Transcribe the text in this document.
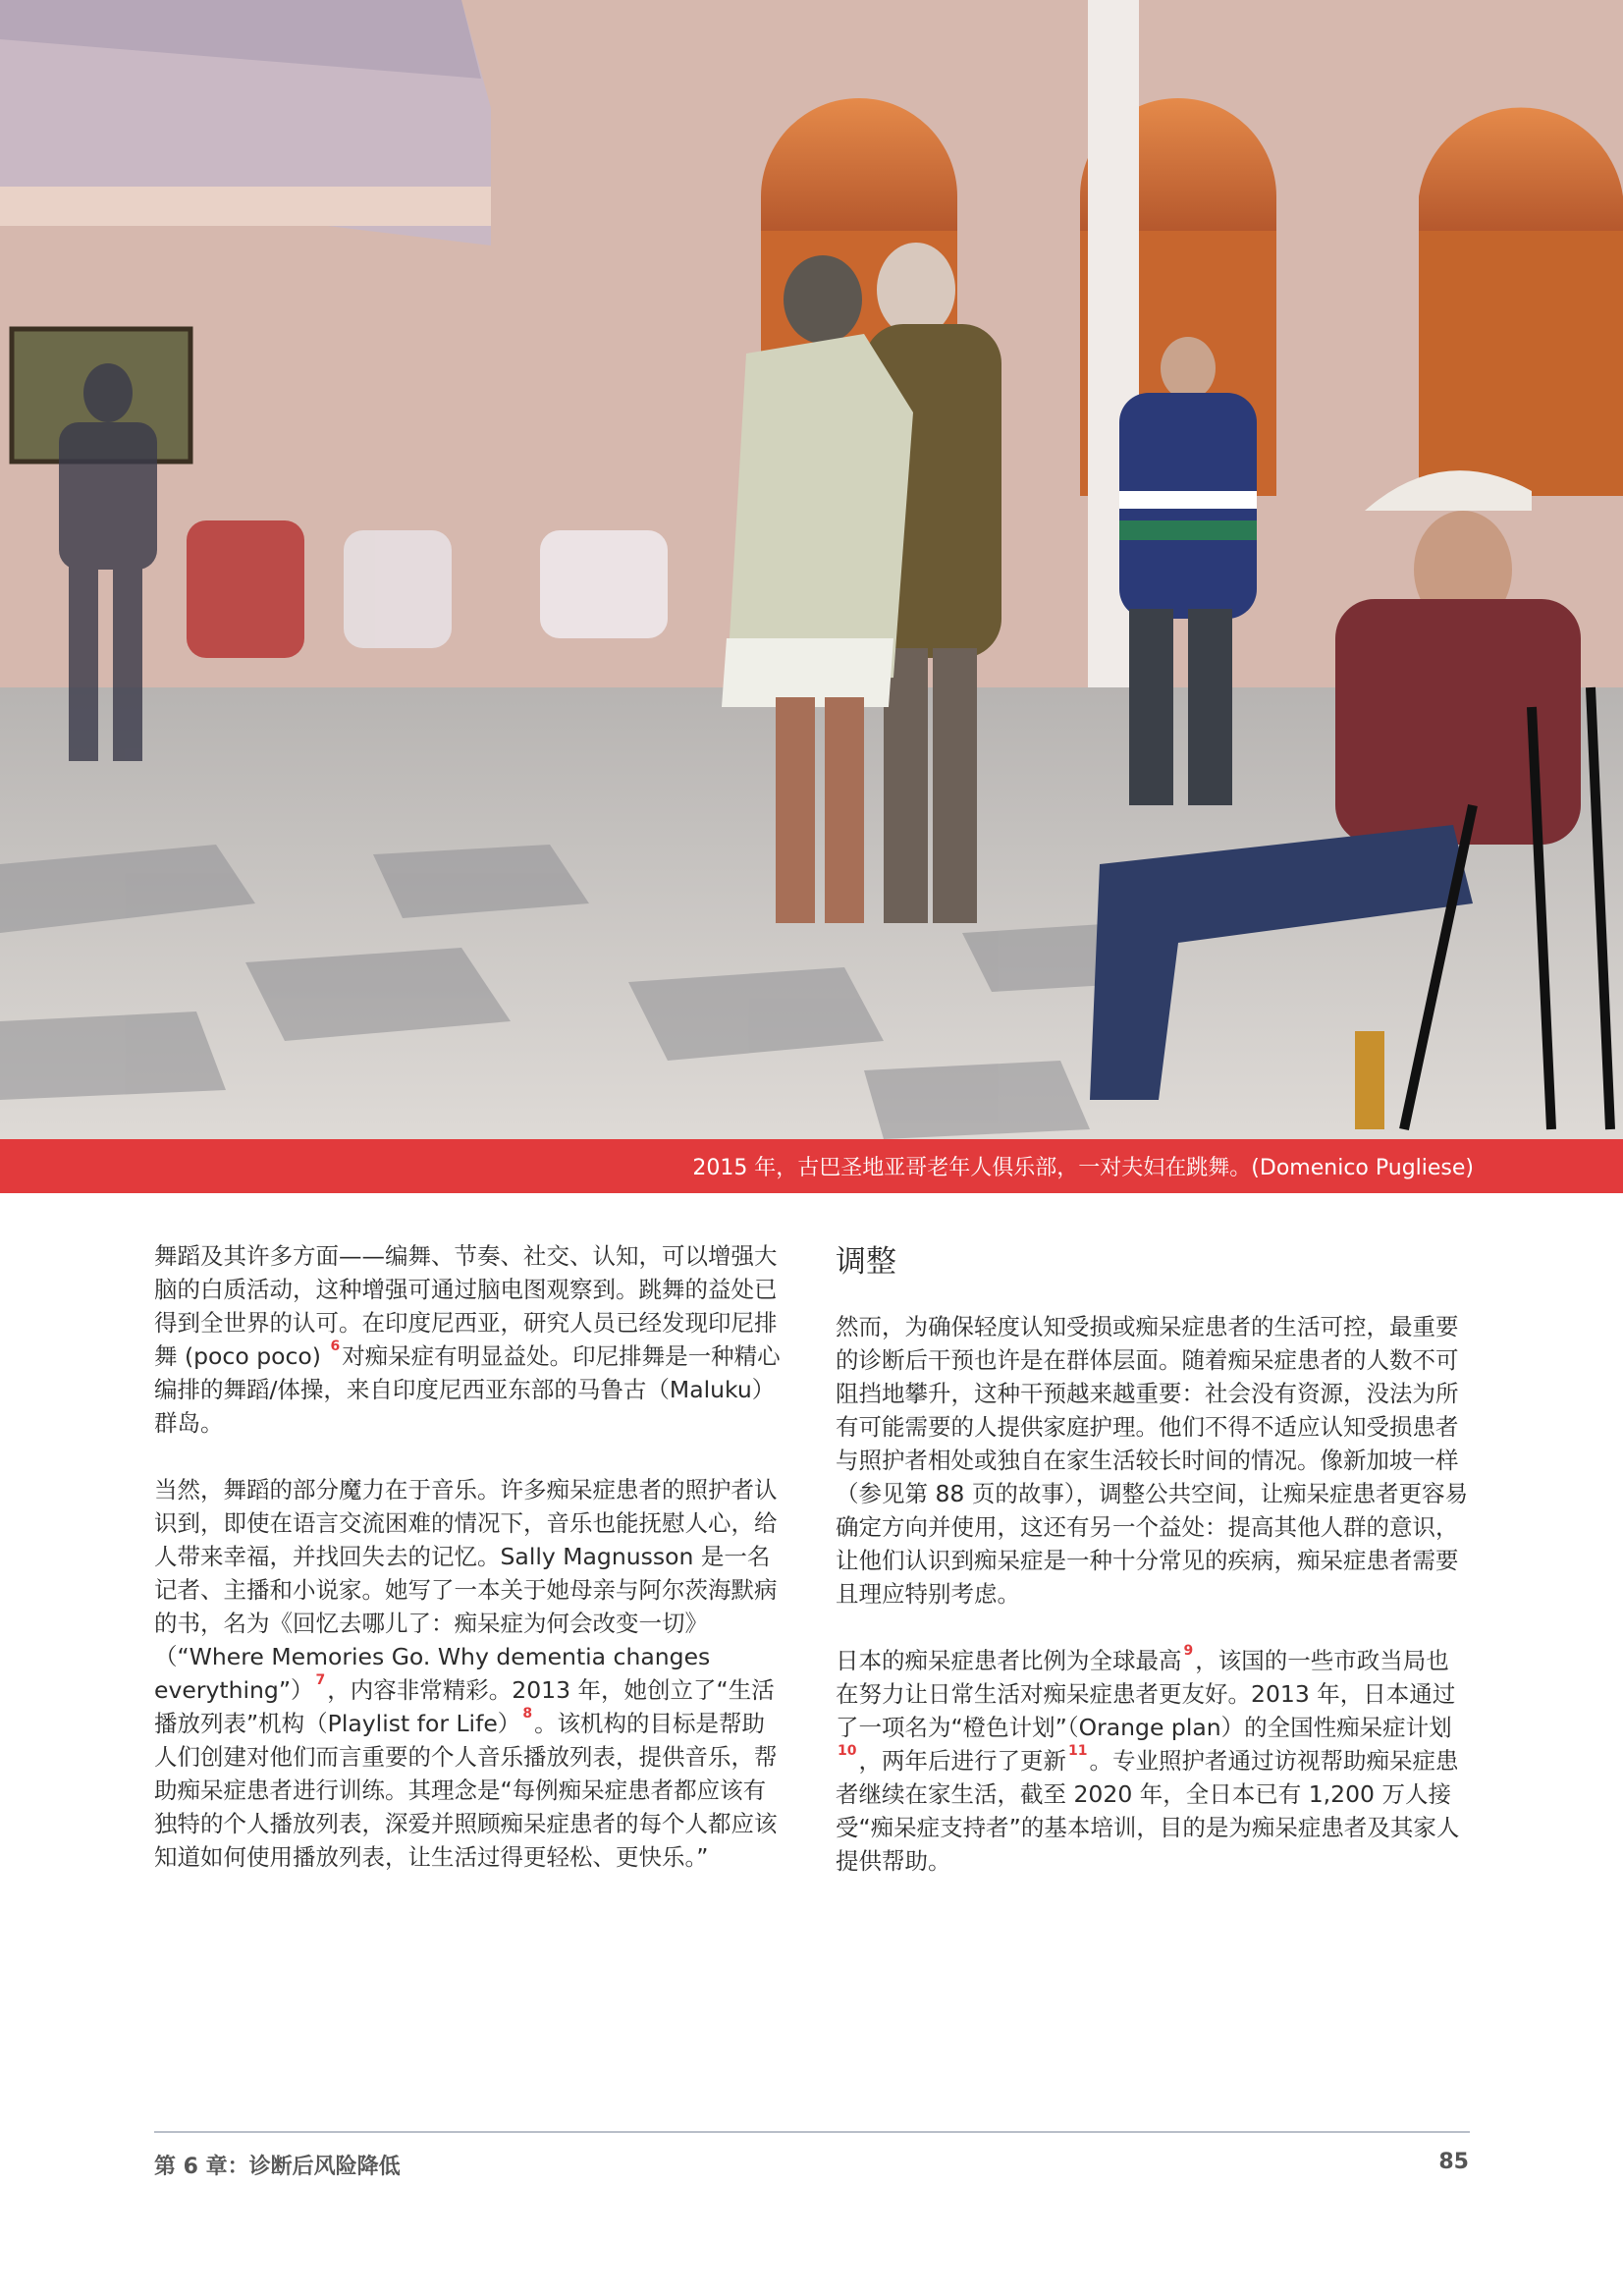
2015 年，古巴圣地亚哥老年人俱乐部，一对夫妇在跳舞。(Domenico Pugliese)

舞蹈及其许多方面——编舞、节奏、社交、认知，可以增强大脑的白质活动，这种增强可通过脑电图观察到。跳舞的益处已得到全世界的认可。在印度尼西亚，研究人员已经发现印尼排舞 (poco poco) $^6$对痴呆症有明显益处。印尼排舞是一种精心编排的舞蹈/体操，来自印度尼西亚东部的马鲁古（Maluku）群岛。

当然，舞蹈的部分魔力在于音乐。许多痴呆症患者的照护者认识到，即使在语言交流困难的情况下，音乐也能抚慰人心，给人带来幸福，并找回失去的记忆。Sally Magnusson 是一名记者、主播和小说家。她写了一本关于她母亲与阿尔茨海默病的书，名为《回忆去哪儿了：痴呆症为何会改变一切》（“Where Memories Go. Why dementia changes everything”） $^7$，内容非常精彩。2013 年，她创立了“生活播放列表”机构（Playlist for Life） $^8$。该机构的目标是帮助人们创建对他们而言重要的个人音乐播放列表，提供音乐，帮助痴呆症患者进行训练。其理念是“每例痴呆症患者都应该有独特的个人播放列表，深爱并照顾痴呆症患者的每个人都应该知道如何使用播放列表，让生活过得更轻松、更快乐。”

调整

然而，为确保轻度认知受损或痴呆症患者的生活可控，最重要的诊断后干预也许是在群体层面。随着痴呆症患者的人数不可阻挡地攀升，这种干预越来越重要：社会没有资源，没法为所有可能需要的人提供家庭护理。他们不得不适应认知受损患者与照护者相处或独自在家生活较长时间的情况。像新加坡一样（参见第 88 页的故事），调整公共空间，让痴呆症患者更容易确定方向并使用，这还有另一个益处：提高其他人群的意识，让他们认识到痴呆症是一种十分常见的疾病，痴呆症患者需要且理应特别考虑。

日本的痴呆症患者比例为全球最高 $^9$，该国的一些市政当局也在努力让日常生活对痴呆症患者更友好。2013 年，日本通过了一项名为“橙色计划”（Orange plan）的全国性痴呆症计划$^{10}$，两年后进行了更新 $^{11}$。专业照护者通过访视帮助痴呆症患者继续在家生活，截至 2020 年，全日本已有 1,200 万人接受“痴呆症支持者”的基本培训，目的是为痴呆症患者及其家人提供帮助。

第 6 章：诊断后风险降低	85
